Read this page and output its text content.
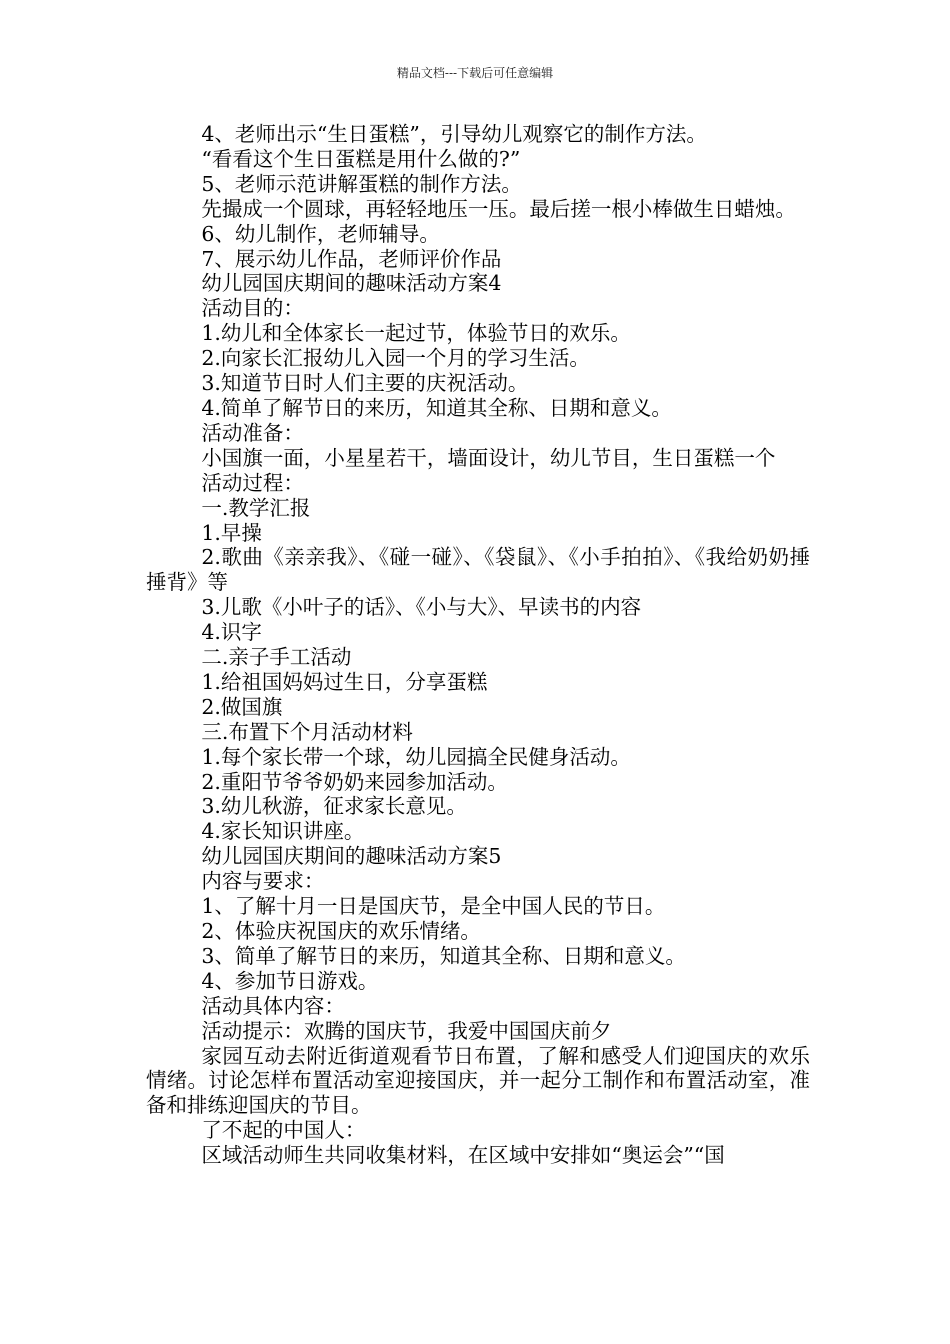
精品文档---下载后可任意编辑
4、老师出示“生日蛋糕”，引导幼儿观察它的制作方法。
“看看这个生日蛋糕是用什么做的?”
5、老师示范讲解蛋糕的制作方法。
先撮成一个圆球，再轻轻地压一压。最后搓一根小棒做生日蜡烛。
6、幼儿制作，老师辅导。
7、展示幼儿作品，老师评价作品
幼儿园国庆期间的趣味活动方案4
活动目的：
1.幼儿和全体家长一起过节，体验节日的欢乐。
2.向家长汇报幼儿入园一个月的学习生活。
3.知道节日时人们主要的庆祝活动。
4.简单了解节日的来历，知道其全称、日期和意义。
活动准备：
小国旗一面，小星星若干，墙面设计，幼儿节目，生日蛋糕一个
活动过程：
一.教学汇报
1.早操
2.歌曲《亲亲我》、《碰一碰》、《袋鼠》、《小手拍拍》、《我给奶奶捶捶背》等
3.儿歌《小叶子的话》、《小与大》、早读书的内容
4.识字
二.亲子手工活动
1.给祖国妈妈过生日，分享蛋糕
2.做国旗
三.布置下个月活动材料
1.每个家长带一个球，幼儿园搞全民健身活动。
2.重阳节爷爷奶奶来园参加活动。
3.幼儿秋游，征求家长意见。
4.家长知识讲座。
幼儿园国庆期间的趣味活动方案5
内容与要求：
1、了解十月一日是国庆节，是全中国人民的节日。
2、体验庆祝国庆的欢乐情绪。
3、简单了解节日的来历，知道其全称、日期和意义。
4、参加节日游戏。
活动具体内容：
活动提示：欢腾的国庆节，我爱中国国庆前夕
家园互动去附近街道观看节日布置，了解和感受人们迎国庆的欢乐情绪。讨论怎样布置活动室迎接国庆，并一起分工制作和布置活动室，准备和排练迎国庆的节目。
了不起的中国人：
区域活动师生共同收集材料，在区域中安排如“奥运会”“国
